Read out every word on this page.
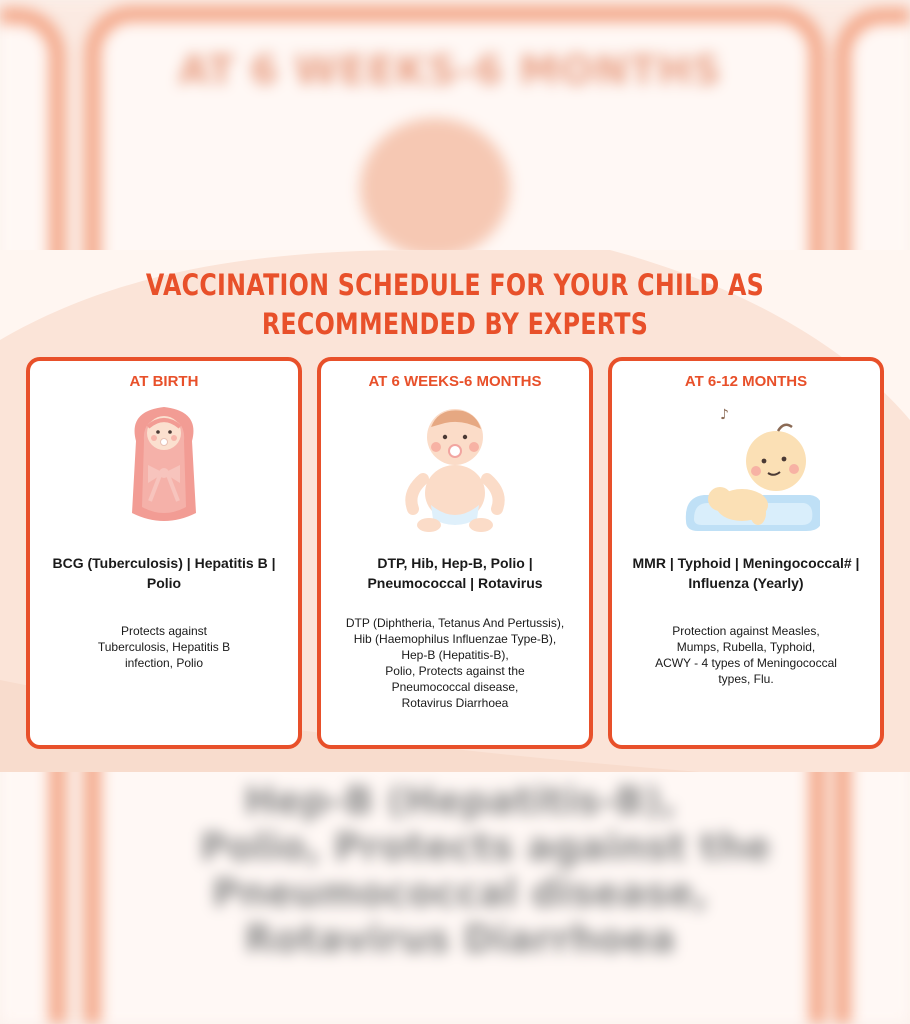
AT 6 WEEKS-6 MONTHS
Hep-B (Hepatitis-B),
Polio, Protects against the
Pneumococcal disease,
Rotavirus Diarrhoea
VACCINATION SCHEDULE FOR YOUR CHILD AS
RECOMMENDED BY EXPERTS
AT BIRTH
BCG (Tuberculosis) | Hepatitis B |
Polio
Protects against
Tuberculosis, Hepatitis B
infection, Polio
AT 6 WEEKS-6 MONTHS
DTP, Hib, Hep-B, Polio |
Pneumococcal | Rotavirus
DTP (Diphtheria, Tetanus And Pertussis),
Hib (Haemophilus Influenzae Type-B),
Hep-B (Hepatitis-B),
Polio, Protects against the
Pneumococcal disease,
Rotavirus Diarrhoea
AT 6-12 MONTHS
♪
MMR | Typhoid | Meningococcal# |
Influenza (Yearly)
Protection against Measles,
Mumps, Rubella, Typhoid,
ACWY - 4 types of Meningococcal
types, Flu.
